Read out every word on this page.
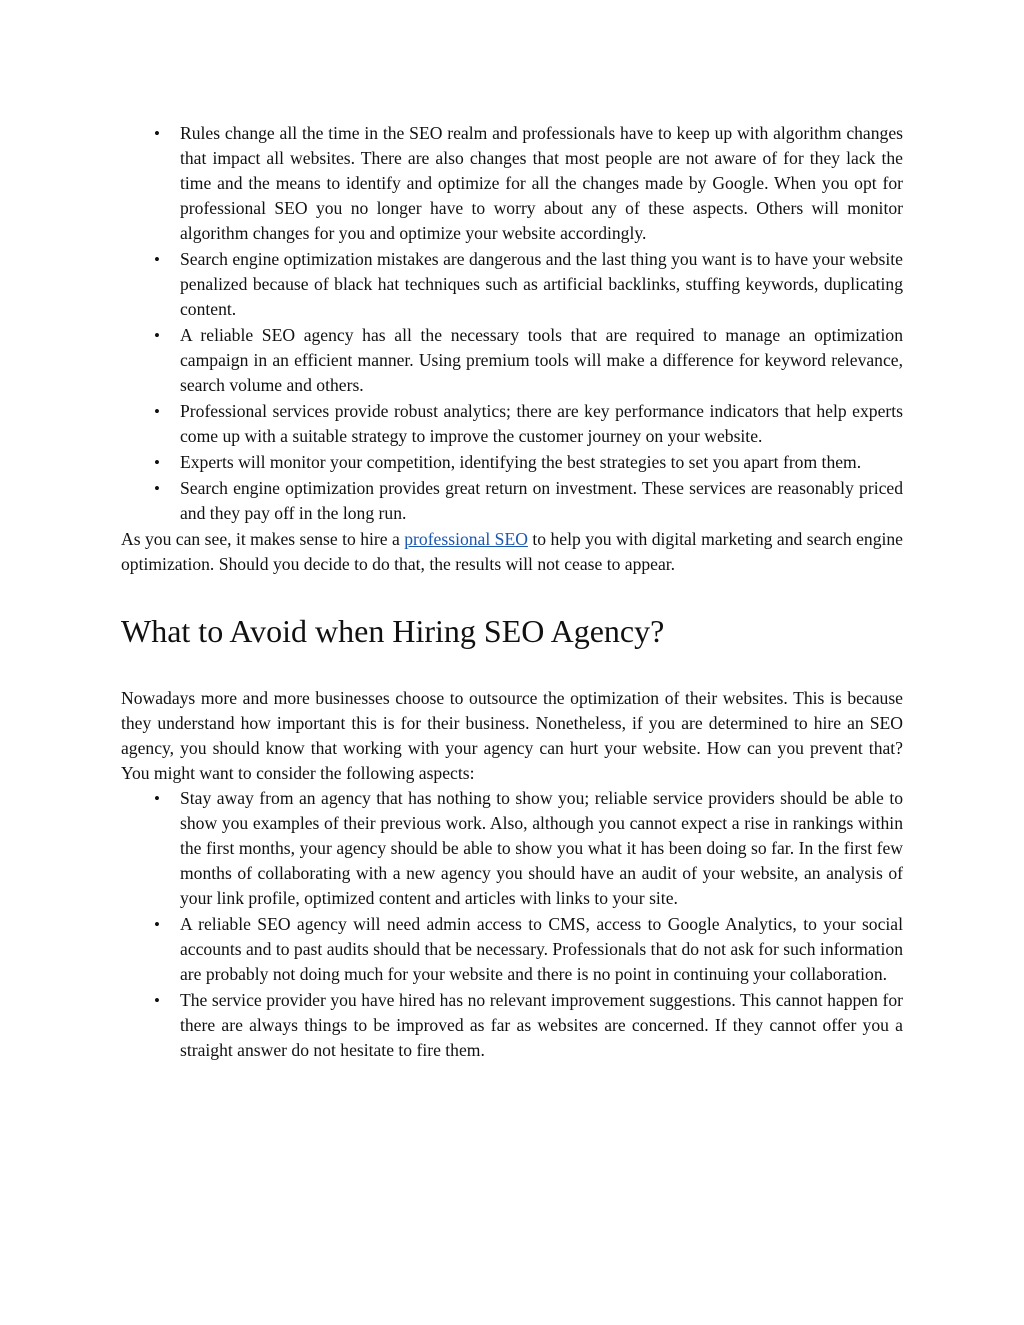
• Rules change all the time in the SEO realm and professionals have to keep up with algorithm changes that impact all websites. There are also changes that most people are not aware of for they lack the time and the means to identify and optimize for all the changes made by Google. When you opt for professional SEO you no longer have to worry about any of these aspects. Others will monitor algorithm changes for you and optimize your website accordingly.
• Search engine optimization mistakes are dangerous and the last thing you want is to have your website penalized because of black hat techniques such as artificial backlinks, stuffing keywords, duplicating content.
• A reliable SEO agency has all the necessary tools that are required to manage an optimization campaign in an efficient manner. Using premium tools will make a difference for keyword relevance, search volume and others.
• Professional services provide robust analytics; there are key performance indicators that help experts come up with a suitable strategy to improve the customer journey on your website.
• Experts will monitor your competition, identifying the best strategies to set you apart from them.
• Search engine optimization provides great return on investment. These services are reasonably priced and they pay off in the long run.

As you can see, it makes sense to hire a professional SEO to help you with digital marketing and search engine optimization. Should you decide to do that, the results will not cease to appear.

What to Avoid when Hiring SEO Agency?

Nowadays more and more businesses choose to outsource the optimization of their websites. This is because they understand how important this is for their business. Nonetheless, if you are determined to hire an SEO agency, you should know that working with your agency can hurt your website. How can you prevent that? You might want to consider the following aspects:

• Stay away from an agency that has nothing to show you; reliable service providers should be able to show you examples of their previous work. Also, although you cannot expect a rise in rankings within the first months, your agency should be able to show you what it has been doing so far. In the first few months of collaborating with a new agency you should have an audit of your website, an analysis of your link profile, optimized content and articles with links to your site.
• A reliable SEO agency will need admin access to CMS, access to Google Analytics, to your social accounts and to past audits should that be necessary. Professionals that do not ask for such information are probably not doing much for your website and there is no point in continuing your collaboration.
• The service provider you have hired has no relevant improvement suggestions. This cannot happen for there are always things to be improved as far as websites are concerned. If they cannot offer you a straight answer do not hesitate to fire them.
